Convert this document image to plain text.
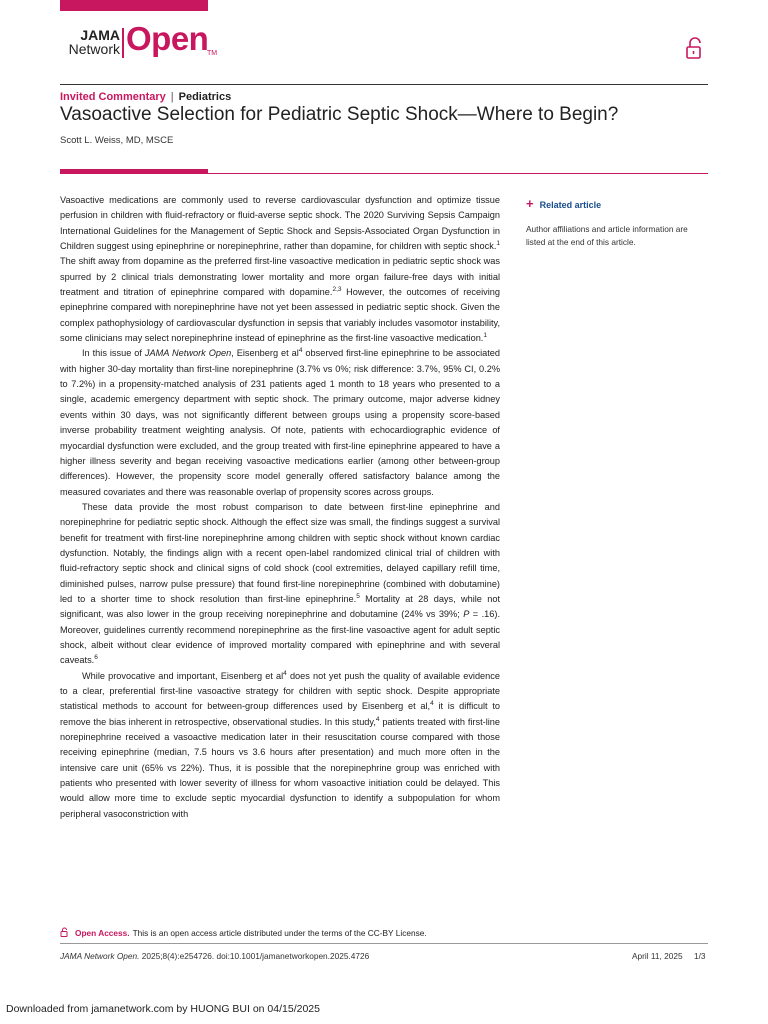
JAMA
Network Open
TM
Invited Commentary | Pediatrics
Vasoactive Selection for Pediatric Septic Shock—Where to Begin?
Scott L. Weiss, MD, MSCE

Vasoactive medications are commonly used to reverse cardiovascular dysfunction and optimize tissue perfusion in children with fluid-refractory or fluid-averse septic shock. The 2020 Surviving Sepsis Campaign International Guidelines for the Management of Septic Shock and Sepsis-Associated Organ Dysfunction in Children suggest using epinephrine or norepinephrine, rather than dopamine, for children with septic shock.$^1$ The shift away from dopamine as the preferred first-line vasoactive medication in pediatric septic shock was spurred by 2 clinical trials demonstrating lower mortality and more organ failure-free days with initial treatment and titration of epinephrine compared with dopamine.$^{2,3}$ However, the outcomes of receiving epinephrine compared with norepinephrine have not yet been assessed in pediatric septic shock. Given the complex pathophysiology of cardiovascular dysfunction in sepsis that variably includes vasomotor instability, some clinicians may select norepinephrine instead of epinephrine as the first-line vasoactive medication.$^1$

In this issue of JAMA Network Open, Eisenberg et $al^4$ observed first-line epinephrine to be associated with higher 30-day mortality than first-line norepinephrine (3.7% vs 0%; risk difference: 3.7%, 95% CI, 0.2% to 7.2%) in a propensity-matched analysis of 231 patients aged 1 month to 18 years who presented to a single, academic emergency department with septic shock. The primary outcome, major adverse kidney events within 30 days, was not significantly different between groups using a propensity score-based inverse probability treatment weighting analysis. Of note, patients with echocardiographic evidence of myocardial dysfunction were excluded, and the group treated with first-line epinephrine appeared to have a higher illness severity and began receiving vasoactive medications earlier (among other between-group differences). However, the propensity score model generally offered satisfactory balance among the measured covariates and there was reasonable overlap of propensity scores across groups.

These data provide the most robust comparison to date between first-line epinephrine and norepinephrine for pediatric septic shock. Although the effect size was small, the findings suggest a survival benefit for treatment with first-line norepinephrine among children with septic shock without known cardiac dysfunction. Notably, the findings align with a recent open-label randomized clinical trial of children with fluid-refractory septic shock and clinical signs of cold shock (cool extremities, delayed capillary refill time, diminished pulses, narrow pulse pressure) that found first-line norepinephrine (combined with dobutamine) led to a shorter time to shock resolution than first-line epinephrine.$^5$ Mortality at 28 days, while not significant, was also lower in the group receiving norepinephrine and dobutamine (24% vs 39%; P = .16). Moreover, guidelines currently recommend norepinephrine as the first-line vasoactive agent for adult septic shock, albeit without clear evidence of improved mortality compared with epinephrine and with several caveats.$^6$

While provocative and important, Eisenberg et $al^4$ does not yet push the quality of available evidence to a clear, preferential first-line vasoactive strategy for children with septic shock. Despite appropriate statistical methods to account for between-group differences used by Eisenberg et al,$^4$ it is difficult to remove the bias inherent in retrospective, observational studies. In this study,$^4$ patients treated with first-line norepinephrine received a vasoactive medication later in their resuscitation course compared with those receiving epinephrine (median, 7.5 hours vs 3.6 hours after presentation) and much more often in the intensive care unit (65% vs 22%). Thus, it is possible that the norepinephrine group was enriched with patients who presented with lower severity of illness for whom vasoactive initiation could be delayed. This would allow more time to exclude septic myocardial dysfunction to identify a subpopulation for whom peripheral vasoconstriction with

+ Related article
Author affiliations and article information are listed at the end of this article.
Open Access. This is an open access article distributed under the terms of the CC-BY License.
JAMA Network Open. 2025;8(4):e254726. doi:10.1001/jamanetworkopen.2025.4726	April 11, 2025 1/3
Downloaded from jamanetwork.com by HUONG BUI on 04/15/2025
